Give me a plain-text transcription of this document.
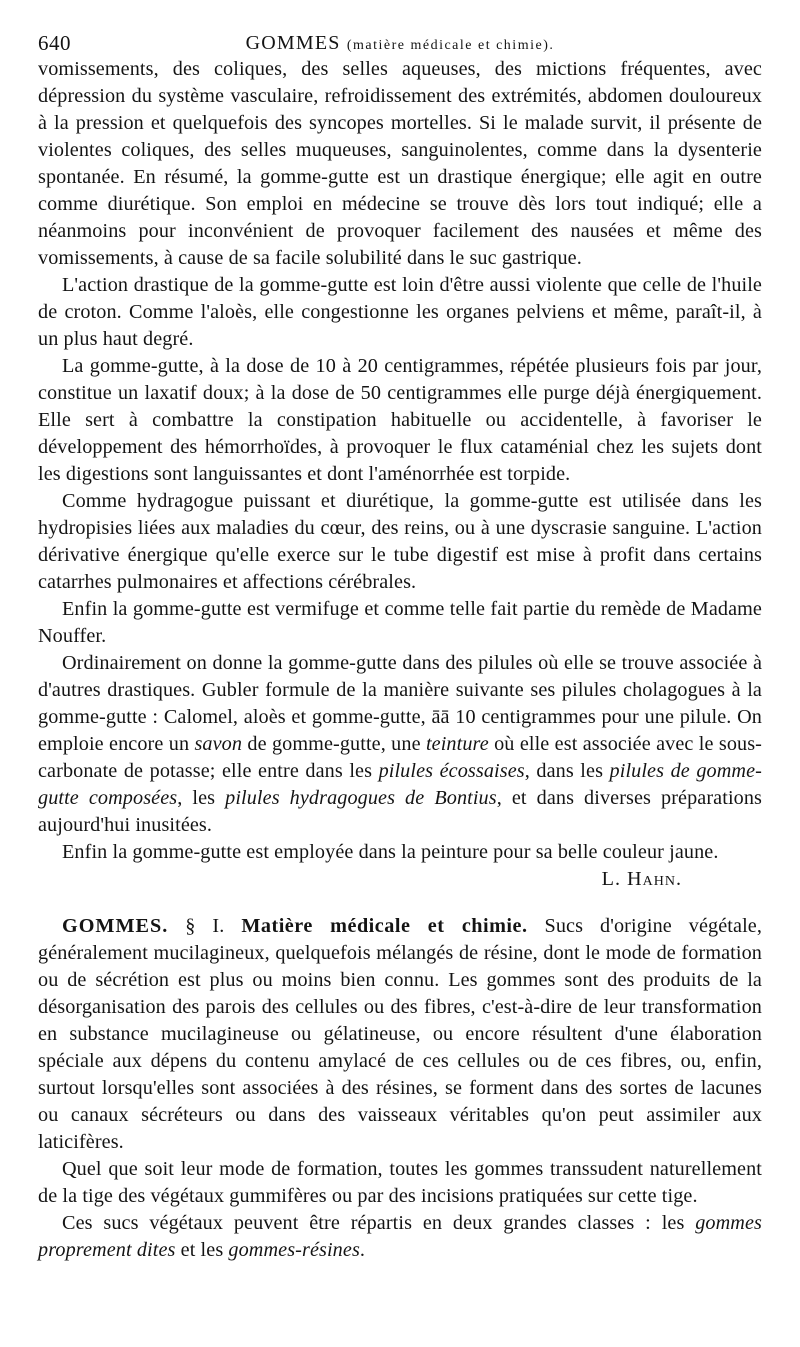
640	GOMMES (matière médicale et chimie).

vomissements, des coliques, des selles aqueuses, des mictions fréquentes, avec dépression du système vasculaire, refroidissement des extrémités, abdomen douloureux à la pression et quelquefois des syncopes mortelles. Si le malade survit, il présente de violentes coliques, des selles muqueuses, sanguinolentes, comme dans la dysenterie spontanée. En résumé, la gomme-gutte est un drastique énergique; elle agit en outre comme diurétique. Son emploi en médecine se trouve dès lors tout indiqué; elle a néanmoins pour inconvénient de provoquer facilement des nausées et même des vomissements, à cause de sa facile solubilité dans le suc gastrique.

L'action drastique de la gomme-gutte est loin d'être aussi violente que celle de l'huile de croton. Comme l'aloès, elle congestionne les organes pelviens et même, paraît-il, à un plus haut degré.

La gomme-gutte, à la dose de 10 à 20 centigrammes, répétée plusieurs fois par jour, constitue un laxatif doux; à la dose de 50 centigrammes elle purge déjà énergiquement. Elle sert à combattre la constipation habituelle ou accidentelle, à favoriser le développement des hémorrhoïdes, à provoquer le flux cataménial chez les sujets dont les digestions sont languissantes et dont l'aménorrhée est torpide.

Comme hydragogue puissant et diurétique, la gomme-gutte est utilisée dans les hydropisies liées aux maladies du cœur, des reins, ou à une dyscrasie sanguine. L'action dérivative énergique qu'elle exerce sur le tube digestif est mise à profit dans certains catarrhes pulmonaires et affections cérébrales.

Enfin la gomme-gutte est vermifuge et comme telle fait partie du remède de Madame Nouffer.

Ordinairement on donne la gomme-gutte dans des pilules où elle se trouve associée à d'autres drastiques. Gubler formule de la manière suivante ses pilules cholagogues à la gomme-gutte : Calomel, aloès et gomme-gutte, āā 10 centigrammes pour une pilule. On emploie encore un savon de gomme-gutte, une teinture où elle est associée avec le sous-carbonate de potasse; elle entre dans les pilules écossaises, dans les pilules de gomme-gutte composées, les pilules hydragogues de Bontius, et dans diverses préparations aujourd'hui inusitées.

Enfin la gomme-gutte est employée dans la peinture pour sa belle couleur jaune.

L. Hahn.

GOMMES. § I. Matière médicale et chimie. Sucs d'origine végétale, généralement mucilagineux, quelquefois mélangés de résine, dont le mode de formation ou de sécrétion est plus ou moins bien connu. Les gommes sont des produits de la désorganisation des parois des cellules ou des fibres, c'est-à-dire de leur transformation en substance mucilagineuse ou gélatineuse, ou encore résultent d'une élaboration spéciale aux dépens du contenu amylacé de ces cellules ou de ces fibres, ou, enfin, surtout lorsqu'elles sont associées à des résines, se forment dans des sortes de lacunes ou canaux sécréteurs ou dans des vaisseaux véritables qu'on peut assimiler aux laticifères.

Quel que soit leur mode de formation, toutes les gommes transsudent naturellement de la tige des végétaux gummifères ou par des incisions pratiquées sur cette tige.

Ces sucs végétaux peuvent être répartis en deux grandes classes : les gommes proprement dites et les gommes-résines.
